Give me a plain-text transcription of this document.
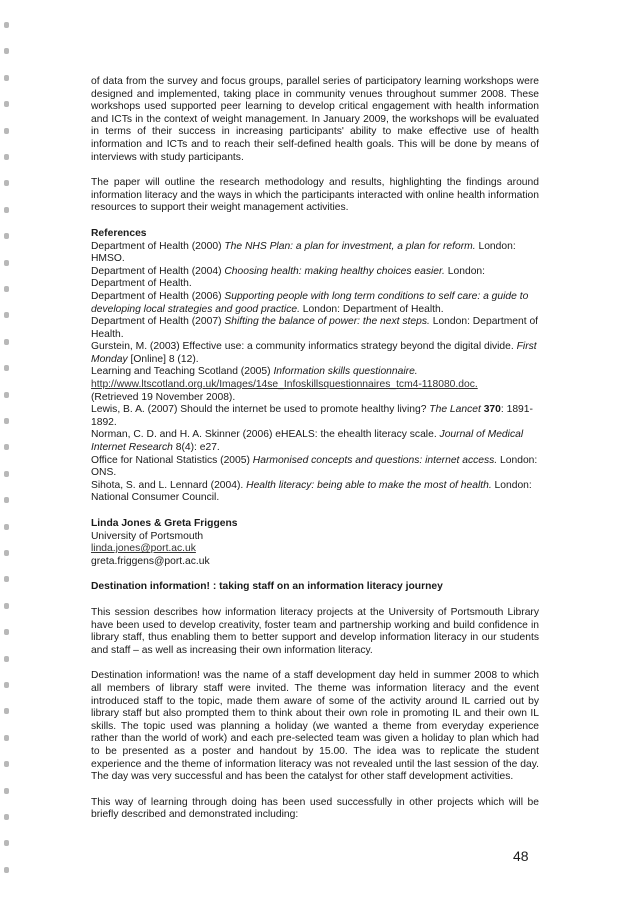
of data from the survey and focus groups, parallel series of participatory learning workshops were designed and implemented, taking place in community venues throughout summer 2008. These workshops used supported peer learning to develop critical engagement with health information and ICTs in the context of weight management. In January 2009, the workshops will be evaluated in terms of their success in increasing participants' ability to make effective use of health information and ICTs and to reach their self-defined health goals. This will be done by means of interviews with study participants.

The paper will outline the research methodology and results, highlighting the findings around information literacy and the ways in which the participants interacted with online health information resources to support their weight management activities.

References
Department of Health (2000) The NHS Plan: a plan for investment, a plan for reform. London: HMSO.
Department of Health (2004) Choosing health: making healthy choices easier. London: Department of Health.
Department of Health (2006) Supporting people with long term conditions to self care: a guide to developing local strategies and good practice. London: Department of Health.
Department of Health (2007) Shifting the balance of power: the next steps. London: Department of Health.
Gurstein, M. (2003) Effective use: a community informatics strategy beyond the digital divide. First Monday [Online] 8 (12).
Learning and Teaching Scotland (2005) Information skills questionnaire.
http://www.ltscotland.org.uk/Images/14se_Infoskillsquestionnaires_tcm4-118080.doc.
(Retrieved 19 November 2008).
Lewis, B. A. (2007) Should the internet be used to promote healthy living? The Lancet 370: 1891-1892.
Norman, C. D. and H. A. Skinner (2006) eHEALS: the ehealth literacy scale. Journal of Medical Internet Research 8(4): e27.
Office for National Statistics (2005) Harmonised concepts and questions: internet access. London: ONS.
Sihota, S. and L. Lennard (2004). Health literacy: being able to make the most of health. London: National Consumer Council.
Linda Jones & Greta Friggens
University of Portsmouth
linda.jones@port.ac.uk
greta.friggens@port.ac.uk
Destination information! : taking staff on an information literacy journey

This session describes how information literacy projects at the University of Portsmouth Library have been used to develop creativity, foster team and partnership working and build confidence in library staff, thus enabling them to better support and develop information literacy in our students and staff – as well as increasing their own information literacy.

Destination information! was the name of a staff development day held in summer 2008 to which all members of library staff were invited. The theme was information literacy and the event introduced staff to the topic, made them aware of some of the activity around IL carried out by library staff but also prompted them to think about their own role in promoting IL and their own IL skills. The topic used was planning a holiday (we wanted a theme from everyday experience rather than the world of work) and each pre-selected team was given a holiday to plan which had to be presented as a poster and handout by 15.00. The idea was to replicate the student experience and the theme of information literacy was not revealed until the last session of the day. The day was very successful and has been the catalyst for other staff development activities.

This way of learning through doing has been used successfully in other projects which will be briefly described and demonstrated including:

48
